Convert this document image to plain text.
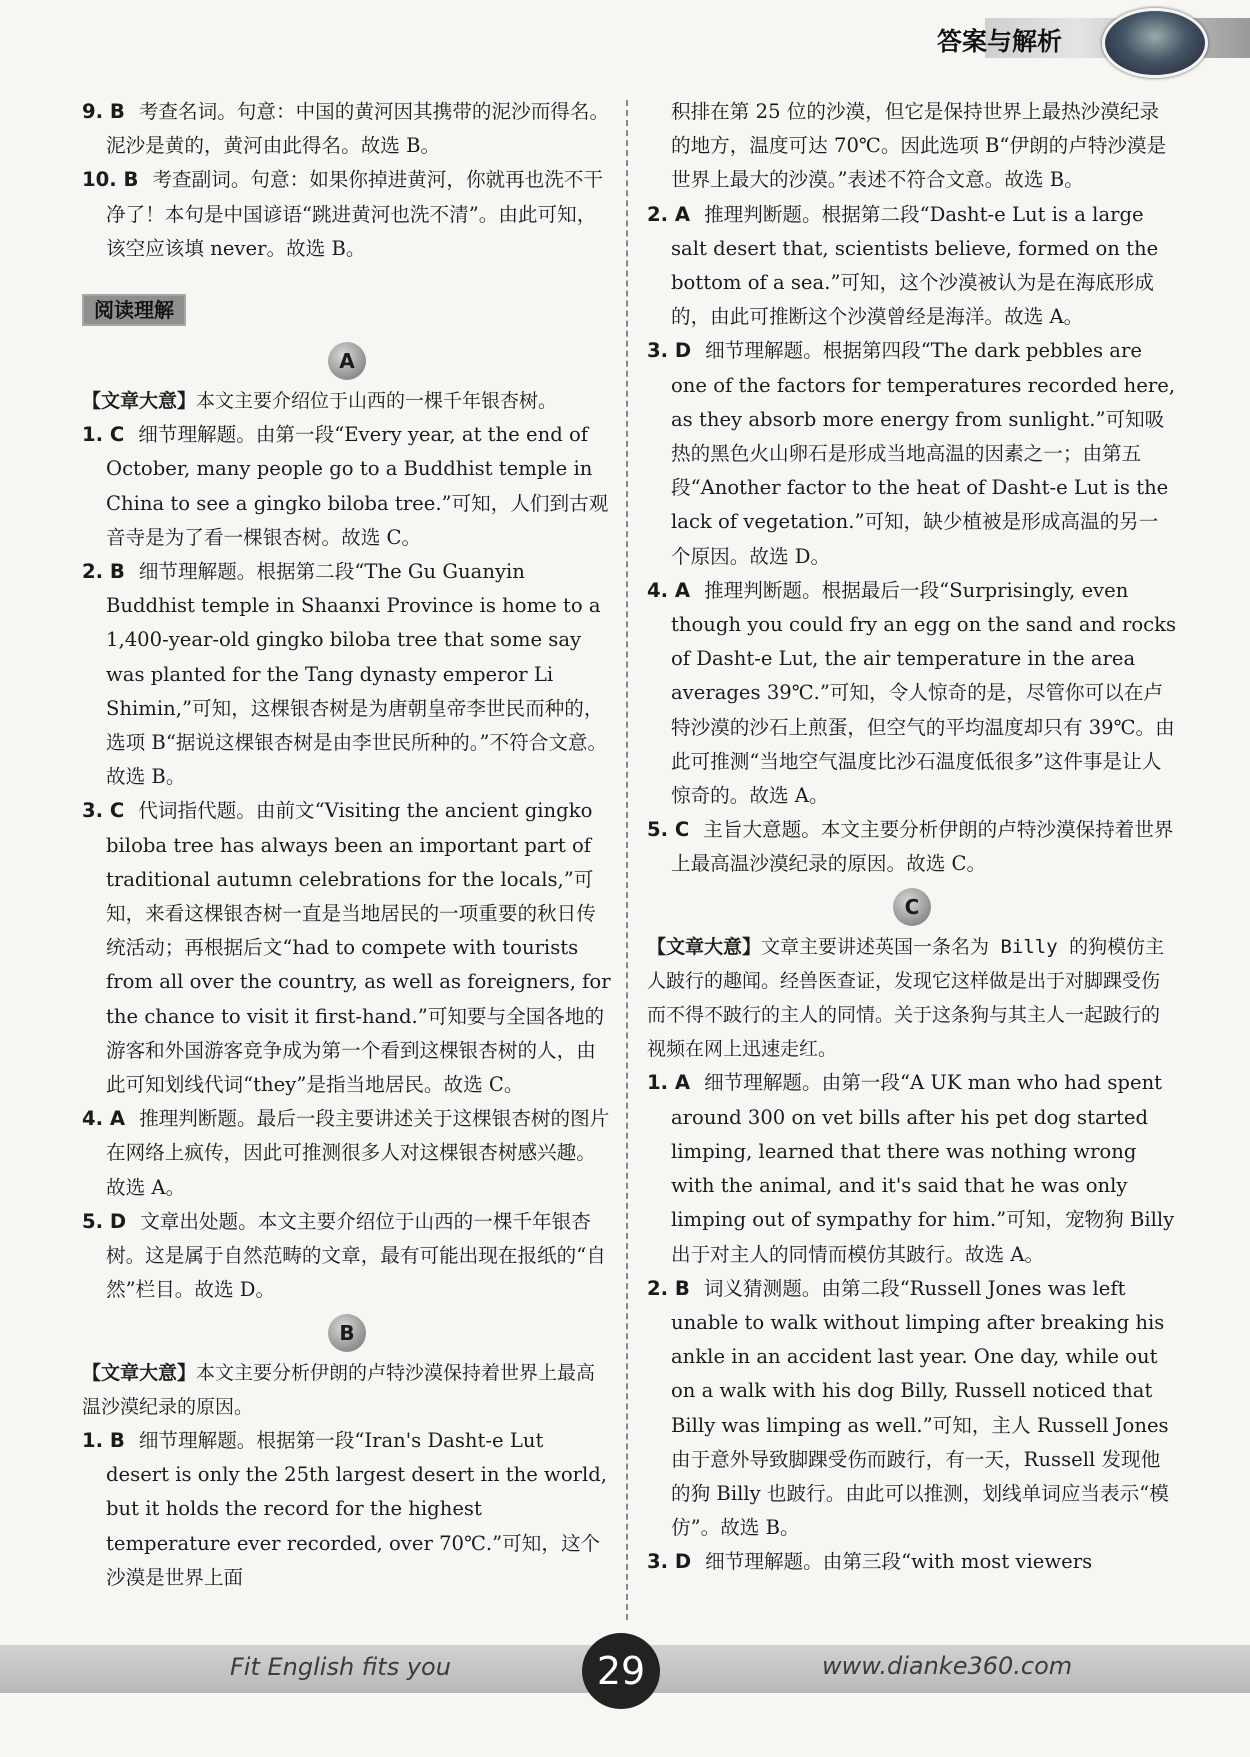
答案与解析

9. B 考查名词。句意：中国的黄河因其携带的泥沙而得名。泥沙是黄的，黄河由此得名。故选 B。

10. B 考查副词。句意：如果你掉进黄河，你就再也洗不干净了！本句是中国谚语“跳进黄河也洗不清”。由此可知，该空应该填 never。故选 B。

阅读理解
A

【文章大意】本文主要介绍位于山西的一棵千年银杏树。

1. C 细节理解题。由第一段“Every year, at the end of October, many people go to a Buddhist temple in China to see a gingko biloba tree.”可知，人们到古观音寺是为了看一棵银杏树。故选 C。

2. B 细节理解题。根据第二段“The Gu Guanyin Buddhist temple in Shaanxi Province is home to a 1,400-year-old gingko biloba tree that some say was planted for the Tang dynasty emperor Li Shimin,”可知，这棵银杏树是为唐朝皇帝李世民而种的，选项 B“据说这棵银杏树是由李世民所种的。”不符合文意。故选 B。

3. C 代词指代题。由前文“Visiting the ancient gingko biloba tree has always been an important part of traditional autumn celebrations for the locals,”可知，来看这棵银杏树一直是当地居民的一项重要的秋日传统活动；再根据后文“had to compete with tourists from all over the country, as well as foreigners, for the chance to visit it first-hand.”可知要与全国各地的游客和外国游客竞争成为第一个看到这棵银杏树的人，由此可知划线代词“they”是指当地居民。故选 C。

4. A 推理判断题。最后一段主要讲述关于这棵银杏树的图片在网络上疯传，因此可推测很多人对这棵银杏树感兴趣。故选 A。

5. D 文章出处题。本文主要介绍位于山西的一棵千年银杏树。这是属于自然范畴的文章，最有可能出现在报纸的“自然”栏目。故选 D。

B

【文章大意】本文主要分析伊朗的卢特沙漠保持着世界上最高温沙漠纪录的原因。

1. B 细节理解题。根据第一段“Iran's Dasht-e Lut desert is only the 25th largest desert in the world, but it holds the record for the highest temperature ever recorded, over 70℃.”可知，这个沙漠是世界上面

积排在第 25 位的沙漠，但它是保持世界上最热沙漠纪录的地方，温度可达 70℃。因此选项 B“伊朗的卢特沙漠是世界上最大的沙漠。”表述不符合文意。故选 B。

2. A 推理判断题。根据第二段“Dasht-e Lut is a large salt desert that, scientists believe, formed on the bottom of a sea.”可知，这个沙漠被认为是在海底形成的，由此可推断这个沙漠曾经是海洋。故选 A。

3. D 细节理解题。根据第四段“The dark pebbles are one of the factors for temperatures recorded here, as they absorb more energy from sunlight.”可知吸热的黑色火山卵石是形成当地高温的因素之一；由第五段“Another factor to the heat of Dasht-e Lut is the lack of vegetation.”可知，缺少植被是形成高温的另一个原因。故选 D。

4. A 推理判断题。根据最后一段“Surprisingly, even though you could fry an egg on the sand and rocks of Dasht-e Lut, the air temperature in the area averages 39℃.”可知，令人惊奇的是，尽管你可以在卢特沙漠的沙石上煎蛋，但空气的平均温度却只有 39℃。由此可推测“当地空气温度比沙石温度低很多”这件事是让人惊奇的。故选 A。

5. C 主旨大意题。本文主要分析伊朗的卢特沙漠保持着世界上最高温沙漠纪录的原因。故选 C。

C

【文章大意】文章主要讲述英国一条名为 Billy 的狗模仿主人跛行的趣闻。经兽医查证，发现它这样做是出于对脚踝受伤而不得不跛行的主人的同情。关于这条狗与其主人一起跛行的视频在网上迅速走红。

1. A 细节理解题。由第一段“A UK man who had spent around 300 on vet bills after his pet dog started limping, learned that there was nothing wrong with the animal, and it's said that he was only limping out of sympathy for him.”可知，宠物狗 Billy 出于对主人的同情而模仿其跛行。故选 A。

2. B 词义猜测题。由第二段“Russell Jones was left unable to walk without limping after breaking his ankle in an accident last year. One day, while out on a walk with his dog Billy, Russell noticed that Billy was limping as well.”可知，主人 Russell Jones 由于意外导致脚踝受伤而跛行，有一天，Russell 发现他的狗 Billy 也跛行。由此可以推测，划线单词应当表示“模仿”。故选 B。

3. D 细节理解题。由第三段“with most viewers

Fit English fits you	29	www.dianke360.com
